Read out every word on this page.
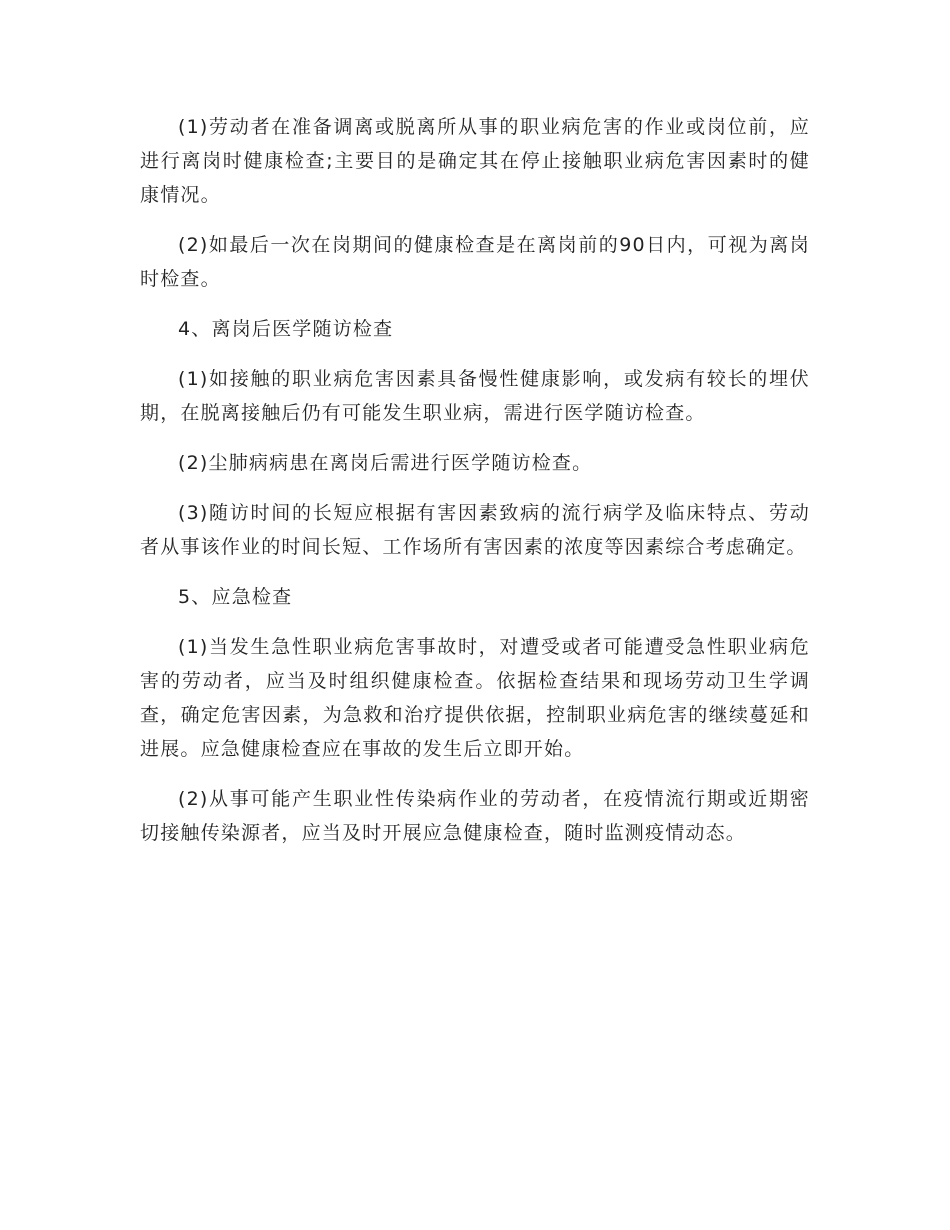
(1)劳动者在准备调离或脱离所从事的职业病危害的作业或岗位前，应进行离岗时健康检查;主要目的是确定其在停止接触职业病危害因素时的健康情况。

(2)如最后一次在岗期间的健康检查是在离岗前的90日内，可视为离岗时检查。

4、离岗后医学随访检查

(1)如接触的职业病危害因素具备慢性健康影响，或发病有较长的埋伏期，在脱离接触后仍有可能发生职业病，需进行医学随访检查。

(2)尘肺病病患在离岗后需进行医学随访检查。

(3)随访时间的长短应根据有害因素致病的流行病学及临床特点、劳动者从事该作业的时间长短、工作场所有害因素的浓度等因素综合考虑确定。

5、应急检查

(1)当发生急性职业病危害事故时，对遭受或者可能遭受急性职业病危害的劳动者，应当及时组织健康检查。依据检查结果和现场劳动卫生学调查，确定危害因素，为急救和治疗提供依据，控制职业病危害的继续蔓延和进展。应急健康检查应在事故的发生后立即开始。

(2)从事可能产生职业性传染病作业的劳动者，在疫情流行期或近期密切接触传染源者，应当及时开展应急健康检查，随时监测疫情动态。
